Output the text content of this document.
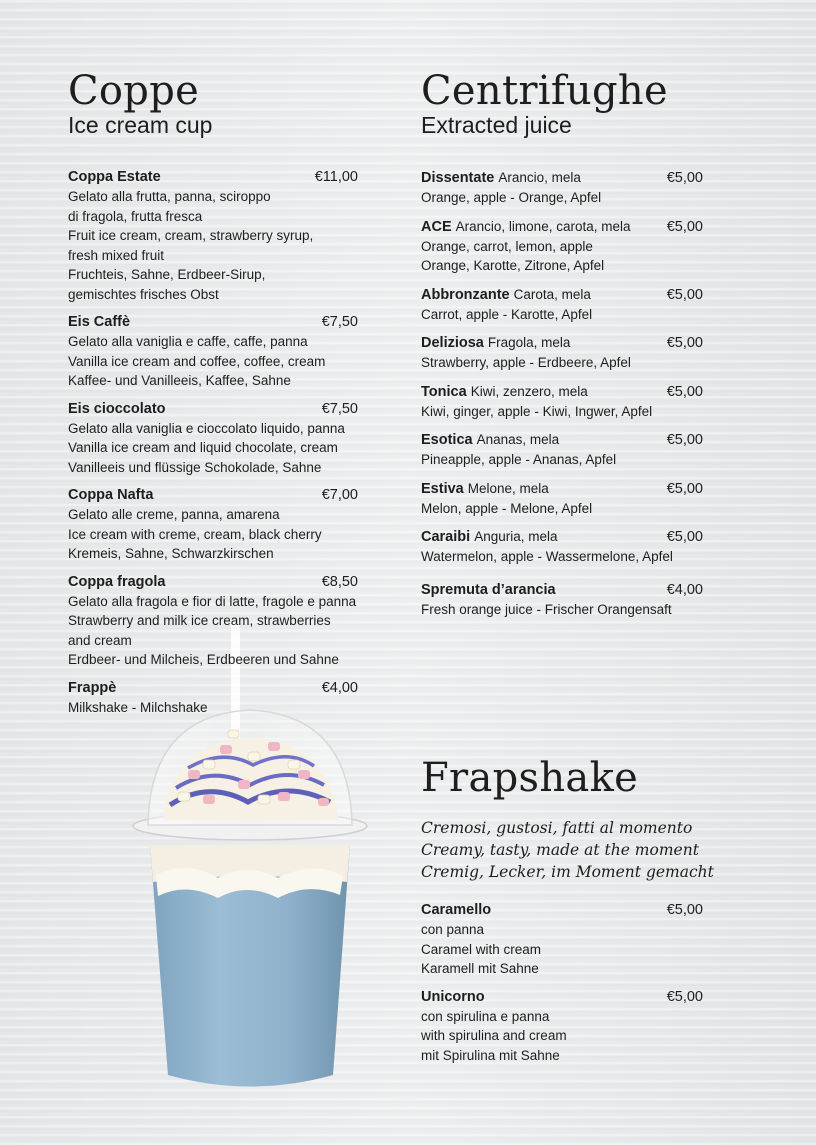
Coppe
Ice cream cup
Coppa Estate	€11,00
Gelato alla frutta, panna, sciroppo
di fragola, frutta fresca
Fruit ice cream, cream, strawberry syrup,
fresh mixed fruit
Fruchteis, Sahne, Erdbeer-Sirup,
gemischtes frisches Obst
Eis Caffè	€7,50
Gelato alla vaniglia e caffe, caffe, panna
Vanilla ice cream and coffee, coffee, cream
Kaffee- und Vanilleeis, Kaffee, Sahne
Eis cioccolato	€7,50
Gelato alla vaniglia e cioccolato liquido, panna
Vanilla ice cream and liquid chocolate, cream
Vanilleeis und flüssige Schokolade, Sahne
Coppa Nafta	€7,00
Gelato alle creme, panna, amarena
Ice cream with creme, cream, black cherry
Kremeis, Sahne, Schwarzkirschen
Coppa fragola	€8,50
Gelato alla fragola e fior di latte, fragole e panna
Strawberry and milk ice cream, strawberries
and cream
Erdbeer- und Milcheis, Erdbeeren und Sahne
Frappè	€4,00
Milkshake - Milchshake
Centrifughe
Extracted juice
Dissentate Arancio, mela	€5,00
Orange, apple - Orange, Apfel
ACE Arancio, limone, carota, mela €5,00
Orange, carrot, lemon, apple
Orange, Karotte, Zitrone, Apfel
Abbronzante Carota, mela	€5,00
Carrot, apple - Karotte, Apfel
Deliziosa Fragola, mela	€5,00
Strawberry, apple - Erdbeere, Apfel
Tonica Kiwi, zenzero, mela	€5,00
Kiwi, ginger, apple - Kiwi, Ingwer, Apfel
Esotica Ananas, mela	€5,00
Pineapple, apple - Ananas, Apfel
Estiva Melone, mela	€5,00
Melon, apple - Melone, Apfel
Caraibi Anguria, mela	€5,00
Watermelon, apple - Wassermelone, Apfel
Spremuta d’arancia	€4,00
Fresh orange juice - Frischer Orangensaft
Frapshake
Cremosi, gustosi, fatti al momento
Creamy, tasty, made at the moment
Cremig, Lecker, im Moment gemacht
Caramello	€5,00
con panna
Caramel with cream
Karamell mit Sahne
Unicorno	€5,00
con spirulina e panna
with spirulina and cream
mit Spirulina mit Sahne
